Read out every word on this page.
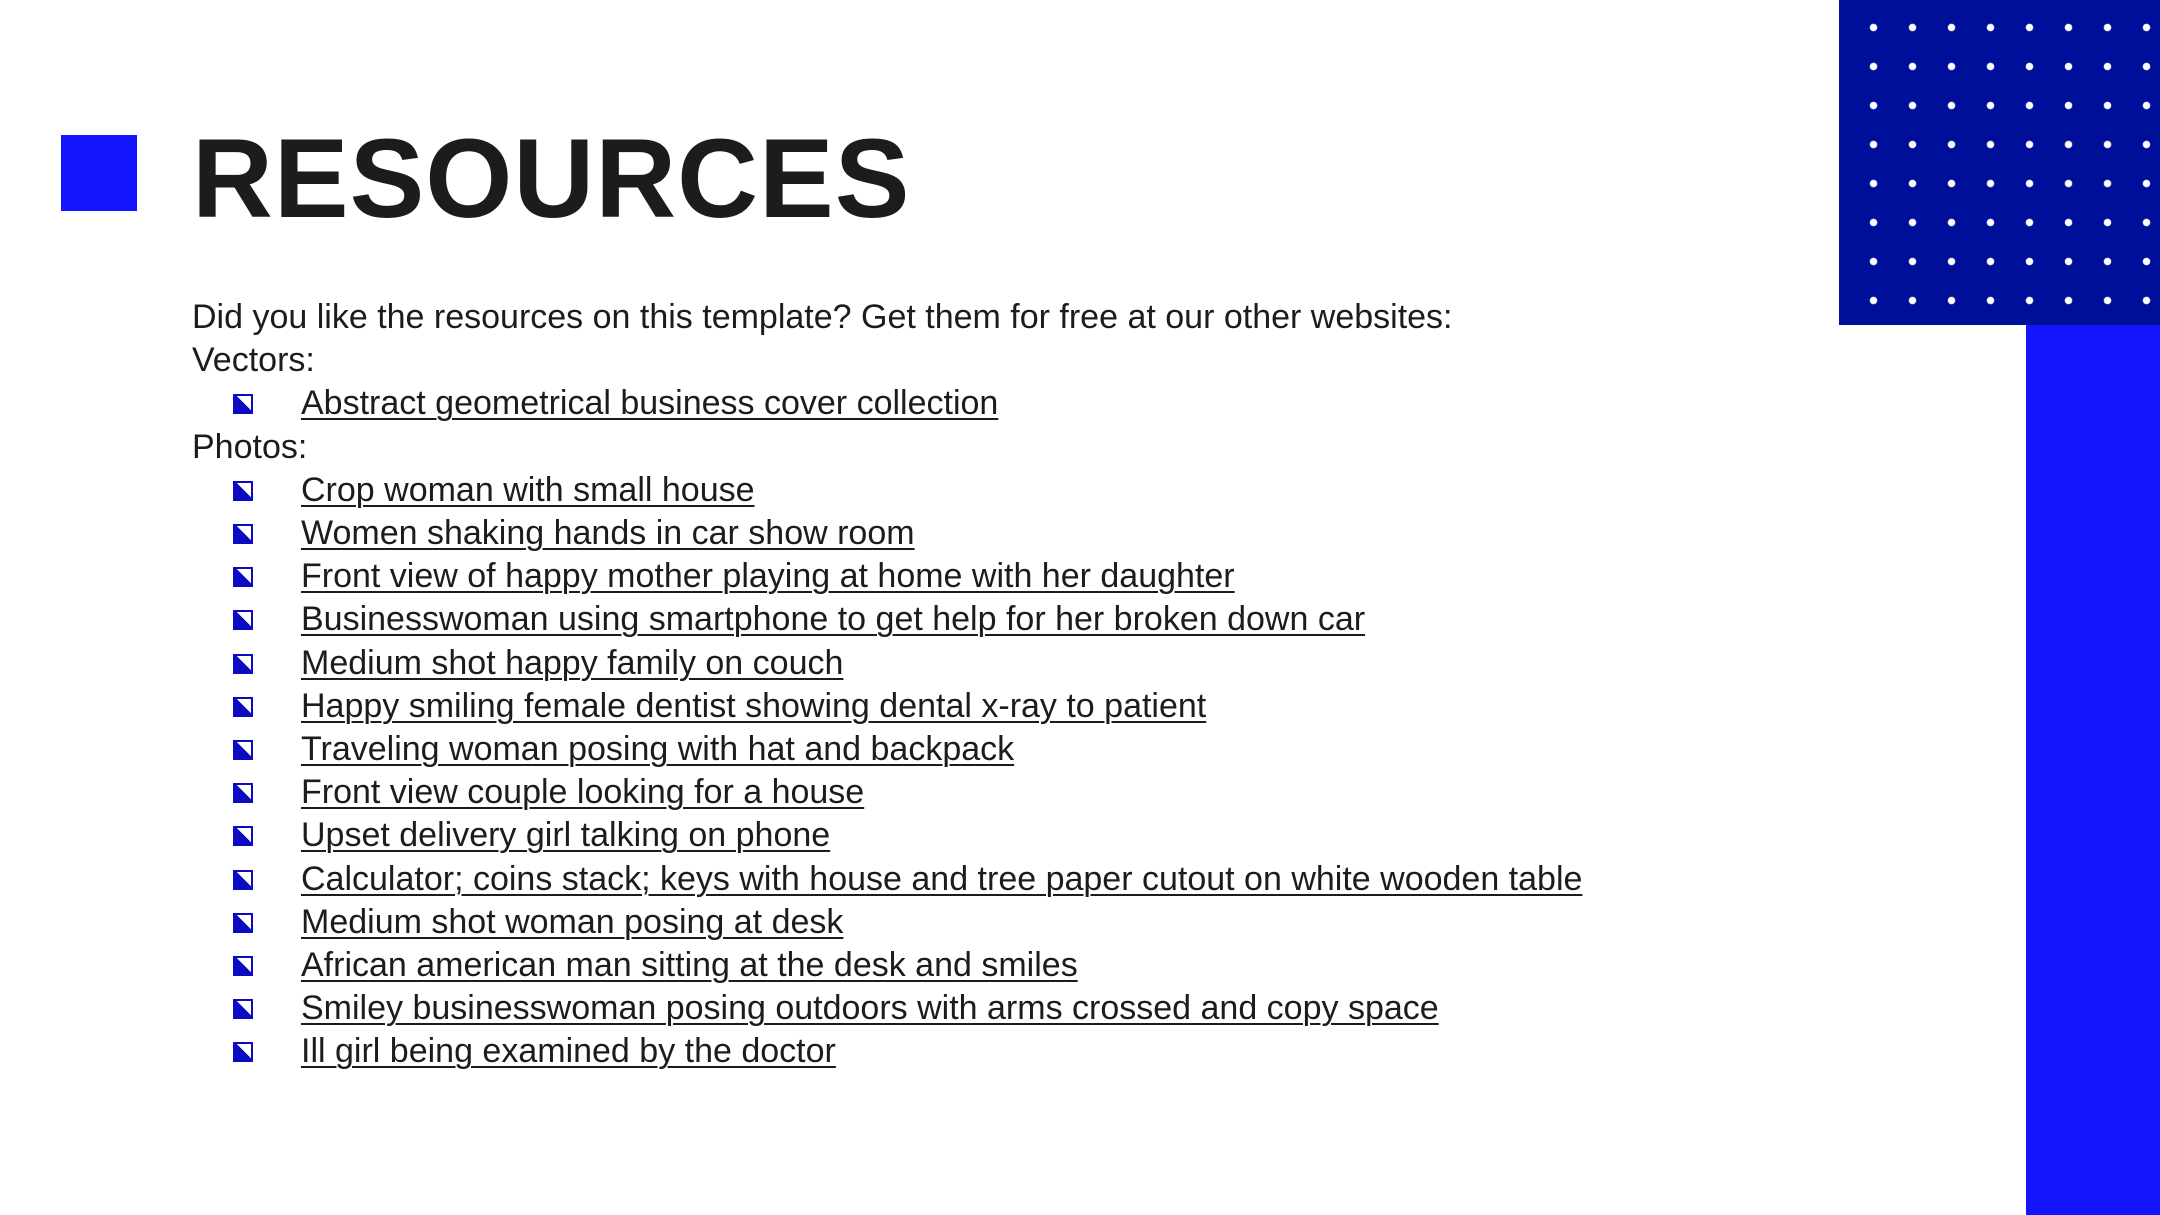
RESOURCES

Did you like the resources on this template? Get them for free at our other websites:

Vectors:

Abstract geometrical business cover collection

Photos:

Crop woman with small house
Women shaking hands in car show room
Front view of happy mother playing at home with her daughter
Businesswoman using smartphone to get help for her broken down car
Medium shot happy family on couch
Happy smiling female dentist showing dental x-ray to patient
Traveling woman posing with hat and backpack
Front view couple looking for a house
Upset delivery girl talking on phone
Calculator; coins stack; keys with house and tree paper cutout on white wooden table
Medium shot woman posing at desk
African american man sitting at the desk and smiles
Smiley businesswoman posing outdoors with arms crossed and copy space
Ill girl being examined by the doctor
